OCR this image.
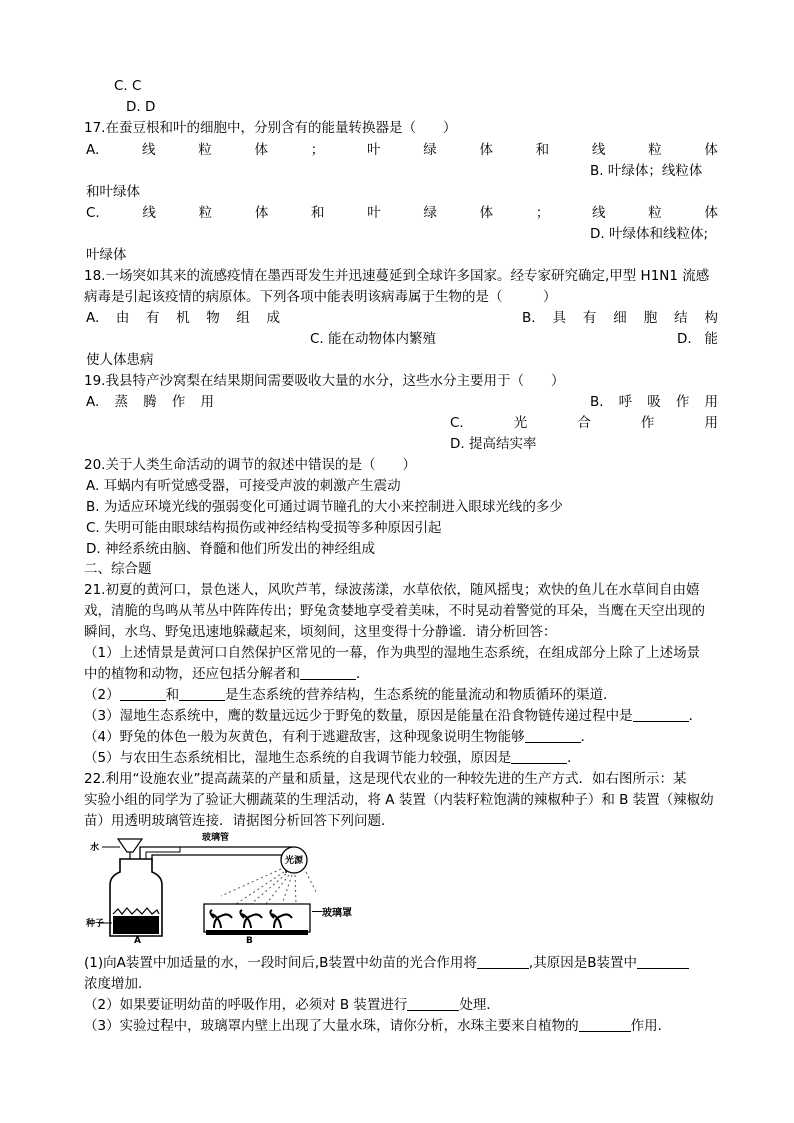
C. C
D. D
17.在蚕豆根和叶的细胞中，分别含有的能量转换器是（　　）
A.	线	粒	体	；	叶	绿	体	和	线	粒	体
B. 叶绿体；线粒体
和叶绿体
C.	线	粒	体	和	叶	绿	体	；	线	粒	体
D. 叶绿体和线粒体;
叶绿体
18.一场突如其来的流感疫情在墨西哥发生并迅速蔓延到全球许多国家。经专家研究确定,甲型 H1N1 流感
病毒是引起该疫情的病原体。下列各项中能表明该病毒属于生物的是（　　　）
A. 由 有 机 物 组 成	B. 具 有 细 胞 结 构
C. 能在动物体内繁殖	D. 能
使人体患病
19.我县特产沙窝梨在结果期间需要吸收大量的水分，这些水分主要用于（　　）
A. 蒸 腾 作 用	B. 呼 吸 作 用
C.	光	合	作	用
D. 提高结实率
20.关于人类生命活动的调节的叙述中错误的是（　　）
A. 耳蜗内有听觉感受器，可接受声波的刺激产生震动
B. 为适应环境光线的强弱变化可通过调节瞳孔的大小来控制进入眼球光线的多少
C. 失明可能由眼球结构损伤或神经结构受损等多种原因引起
D. 神经系统由脑、脊髓和他们所发出的神经组成
二、综合题
21.初夏的黄河口，景色迷人，风吹芦苇，绿波荡漾，水草依依，随风摇曳；欢快的鱼儿在水草间自由嬉
戏，清脆的鸟鸣从苇丛中阵阵传出；野兔贪婪地享受着美味，不时晃动着警觉的耳朵，当鹰在天空出现的
瞬间，水鸟、野兔迅速地躲藏起来，顷刻间，这里变得十分静谧．请分析回答：
（1）上述情景是黄河口自然保护区常见的一幕，作为典型的湿地生态系统，在组成部分上除了上述场景
中的植物和动物，还应包括分解者和	．
（2）	和	是生态系统的营养结构，生态系统的能量流动和物质循环的渠道．
（3）湿地生态系统中，鹰的数量远远少于野兔的数量，原因是能量在沿食物链传递过程中是	．
（4）野兔的体色一般为灰黄色，有利于逃避敌害，这种现象说明生物能够	．
（5）与农田生态系统相比，湿地生态系统的自我调节能力较强，原因是	．
22.利用“设施农业”提高蔬菜的产量和质量，这是现代农业的一种较先进的生产方式．如右图所示：某
实验小组的同学为了验证大棚蔬菜的生理活动，将 A 装置（内装籽粒饱满的辣椒种子）和 B 装置（辣椒幼
苗）用透明玻璃管连接．请据图分析回答下列问题．
水
玻璃管
种子
A
光源
B
玻璃罩
(1)向A装置中加适量的水，一段时间后,B装置中幼苗的光合作用将	,其原因是B装置中
浓度增加．
（2）如果要证明幼苗的呼吸作用，必须对 B 装置进行	处理．
（3）实验过程中，玻璃罩内壁上出现了大量水珠，请你分析，水珠主要来自植物的	作用．
